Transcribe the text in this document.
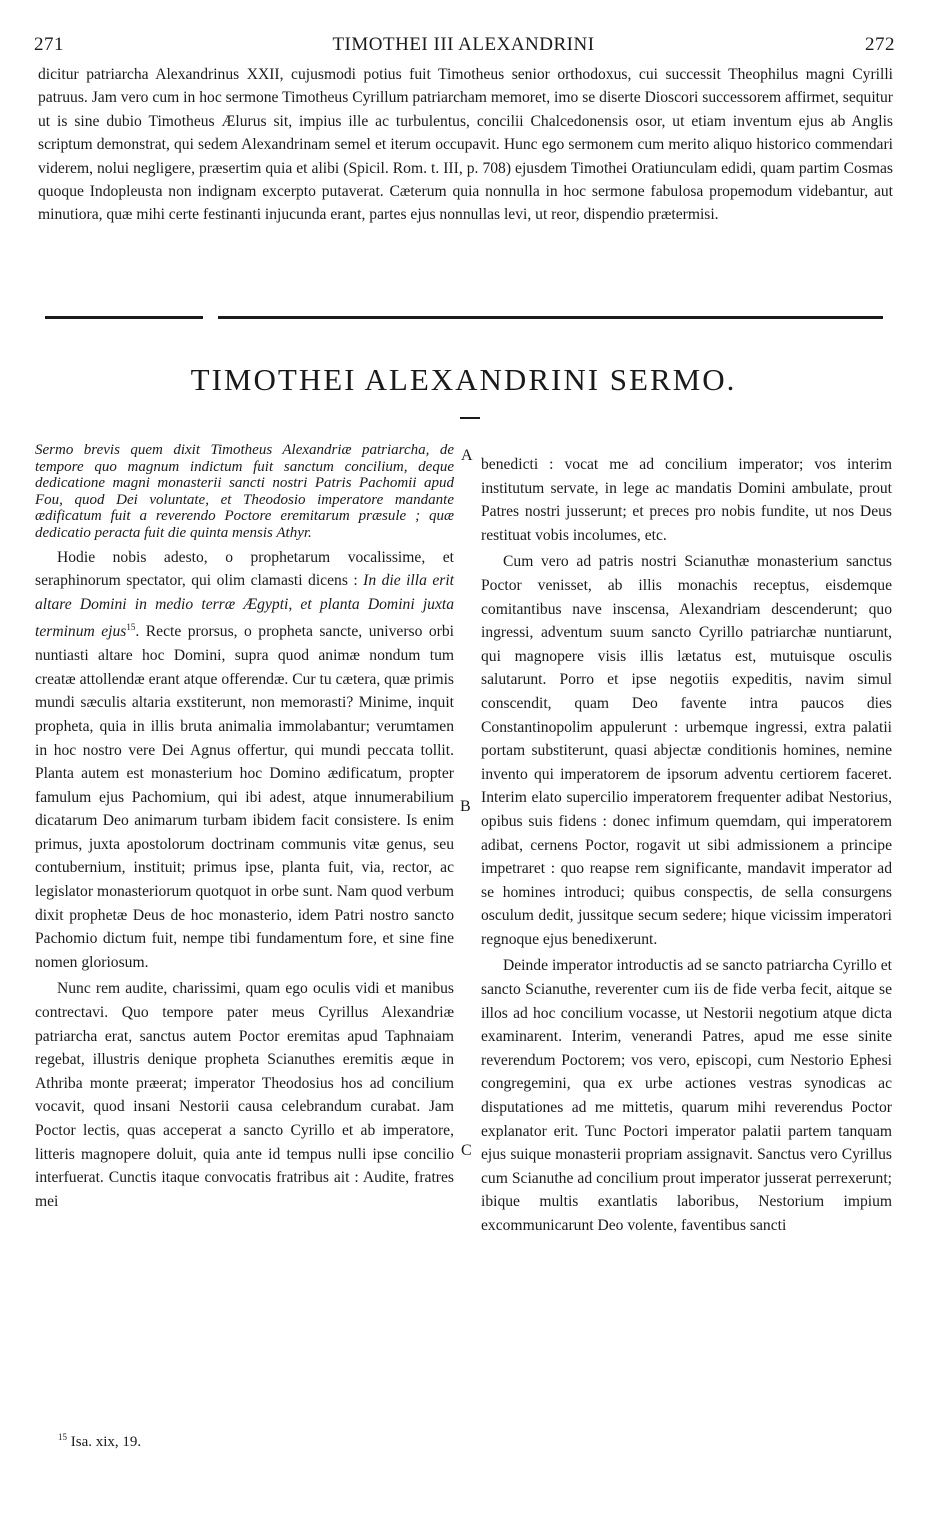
271	TIMOTHEI III ALEXANDRINI	272

dicitur patriarcha Alexandrinus XXII, cujusmodi potius fuit Timotheus senior orthodoxus, cui successit Theophilus magni Cyrilli patruus. Jam vero cum in hoc sermone Timotheus Cyrillum patriarcham memoret, imo se diserte Dioscori successorem affirmet, sequitur ut is sine dubio Timotheus Ælurus sit, impius ille ac turbulentus, concilii Chalcedonensis osor, ut etiam inventum ejus ab Anglis scriptum demonstrat, qui sedem Alexandrinam semel et iterum occupavit. Hunc ego sermonem cum merito aliquo historico commendari viderem, nolui negligere, præsertim quia et alibi (Spicil. Rom. t. III, p. 708) ejusdem Timothei Oratiunculam edidi, quam partim Cosmas quoque Indopleusta non indignam excerpto putaverat. Cæterum quia nonnulla in hoc sermone fabulosa propemodum videbantur, aut minutiora, quæ mihi certe festinanti injucunda erant, partes ejus nonnullas levi, ut reor, dispendio prætermisi.

TIMOTHEI ALEXANDRINI SERMO.

Sermo brevis quem dixit Timotheus Alexandriæ patriarcha, de tempore quo magnum indictum fuit sanctum concilium, deque dedicatione magni monasterii sancti nostri Patris Pachomii apud Fou, quod Dei voluntate, et Theodosio imperatore mandante ædificatum fuit a reverendo Poctore eremitarum præsule ; quæ dedicatio peracta fuit die quinta mensis Athyr.

Hodie nobis adesto, o prophetarum vocalissime, et seraphinorum spectator, qui olim clamasti dicens : In die illa erit altare Domini in medio terræ Ægypti, et planta Domini juxta terminum ejus$^{15}$. Recte prorsus, o propheta sancte, universo orbi nuntiasti altare hoc Domini, supra quod animæ nondum tum creatæ attollendæ erant atque offerendæ. Cur tu cætera, quæ primis mundi sæculis altaria exstiterunt, non memorasti? Minime, inquit propheta, quia in illis bruta animalia immolabantur; verumtamen in hoc nostro vere Dei Agnus offertur, qui mundi peccata tollit. Planta autem est monasterium hoc Domino ædificatum, propter famulum ejus Pachomium, qui ibi adest, atque innumerabilium dicatarum Deo animarum turbam ibidem facit consistere. Is enim primus, juxta apostolorum doctrinam communis vitæ genus, seu contubernium, instituit; primus ipse, planta fuit, via, rector, ac legislator monasteriorum quotquot in orbe sunt. Nam quod verbum dixit prophetæ Deus de hoc monasterio, idem Patri nostro sancto Pachomio dictum fuit, nempe tibi fundamentum fore, et sine fine nomen gloriosum.

Nunc rem audite, charissimi, quam ego oculis vidi et manibus contrectavi. Quo tempore pater meus Cyrillus Alexandriæ patriarcha erat, sanctus autem Poctor eremitas apud Taphnaiam regebat, illustris denique propheta Scianuthes eremitis æque in Athriba monte præerat; imperator Theodosius hos ad concilium vocavit, quod insani Nestorii causa celebrandum curabat. Jam Poctor lectis, quas acceperat a sancto Cyrillo et ab imperatore, litteris magnopere doluit, quia ante id tempus nulli ipse concilio interfuerat. Cunctis itaque convocatis fratribus ait : Audite, fratres mei

benedicti : vocat me ad concilium imperator; vos interim institutum servate, in lege ac mandatis Domini ambulate, prout Patres nostri jusserunt; et preces pro nobis fundite, ut nos Deus restituat vobis incolumes, etc.

Cum vero ad patris nostri Scianuthæ monasterium sanctus Poctor venisset, ab illis monachis receptus, eisdemque comitantibus nave inscensa, Alexandriam descenderunt; quo ingressi, adventum suum sancto Cyrillo patriarchæ nuntiarunt, qui magnopere visis illis lætatus est, mutuisque osculis salutarunt. Porro et ipse negotiis expeditis, navim simul conscendit, quam Deo favente intra paucos dies Constantinopolim appulerunt : urbemque ingressi, extra palatii portam substiterunt, quasi abjectæ conditionis homines, nemine invento qui imperatorem de ipsorum adventu certiorem faceret. Interim elato supercilio imperatorem frequenter adibat Nestorius, opibus suis fidens : donec infimum quemdam, qui imperatorem adibat, cernens Poctor, rogavit ut sibi admissionem a principe impetraret : quo reapse rem significante, mandavit imperator ad se homines introduci; quibus conspectis, de sella consurgens osculum dedit, jussitque secum sedere; hique vicissim imperatori regnoque ejus benedixerunt.

Deinde imperator introductis ad se sancto patriarcha Cyrillo et sancto Scianuthe, reverenter cum iis de fide verba fecit, aitque se illos ad hoc concilium vocasse, ut Nestorii negotium atque dicta examinarent. Interim, venerandi Patres, apud me esse sinite reverendum Poctorem; vos vero, episcopi, cum Nestorio Ephesi congregemini, qua ex urbe actiones vestras synodicas ac disputationes ad me mittetis, quarum mihi reverendus Poctor explanator erit. Tunc Poctori imperator palatii partem tanquam ejus suique monasterii propriam assignavit. Sanctus vero Cyrillus cum Scianuthe ad concilium prout imperator jusserat perrexerunt; ibique multis exantlatis laboribus, Nestorium impium excommunicarunt Deo volente, faventibus sancti

A
B
C
$^{15}$ Isa. xix, 19.
